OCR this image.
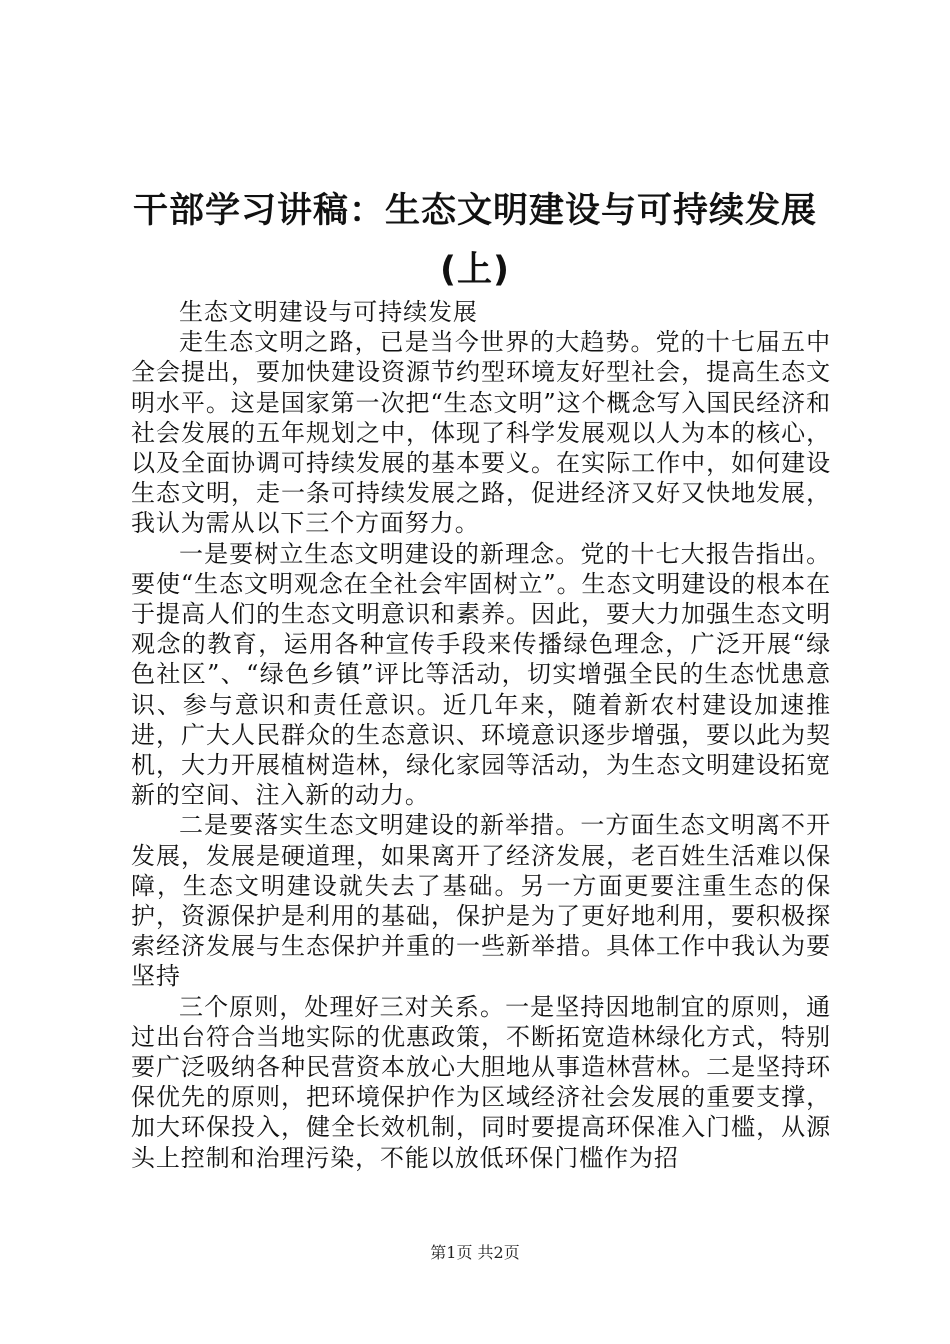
干部学习讲稿：生态文明建设与可持续发展
(上)

生态文明建设与可持续发展

走生态文明之路，已是当今世界的大趋势。党的十七届五中全会提出，要加快建设资源节约型环境友好型社会，提高生态文明水平。这是国家第一次把“生态文明”这个概念写入国民经济和社会发展的五年规划之中，体现了科学发展观以人为本的核心，以及全面协调可持续发展的基本要义。在实际工作中，如何建设生态文明，走一条可持续发展之路，促进经济又好又快地发展，我认为需从以下三个方面努力。

一是要树立生态文明建设的新理念。党的十七大报告指出。要使“生态文明观念在全社会牢固树立”。生态文明建设的根本在于提高人们的生态文明意识和素养。因此，要大力加强生态文明观念的教育，运用各种宣传手段来传播绿色理念，广泛开展“绿色社区”、“绿色乡镇”评比等活动，切实增强全民的生态忧患意识、参与意识和责任意识。近几年来，随着新农村建设加速推进，广大人民群众的生态意识、环境意识逐步增强，要以此为契机，大力开展植树造林，绿化家园等活动，为生态文明建设拓宽新的空间、注入新的动力。

二是要落实生态文明建设的新举措。一方面生态文明离不开发展，发展是硬道理，如果离开了经济发展，老百姓生活难以保障，生态文明建设就失去了基础。另一方面更要注重生态的保护，资源保护是利用的基础，保护是为了更好地利用，要积极探索经济发展与生态保护并重的一些新举措。具体工作中我认为要坚持

三个原则，处理好三对关系。一是坚持因地制宜的原则，通过出台符合当地实际的优惠政策，不断拓宽造林绿化方式，特别要广泛吸纳各种民营资本放心大胆地从事造林营林。二是坚持环保优先的原则，把环境保护作为区域经济社会发展的重要支撑，加大环保投入，健全长效机制，同时要提高环保准入门槛，从源头上控制和治理污染，不能以放低环保门槛作为招

第1页 共2页
